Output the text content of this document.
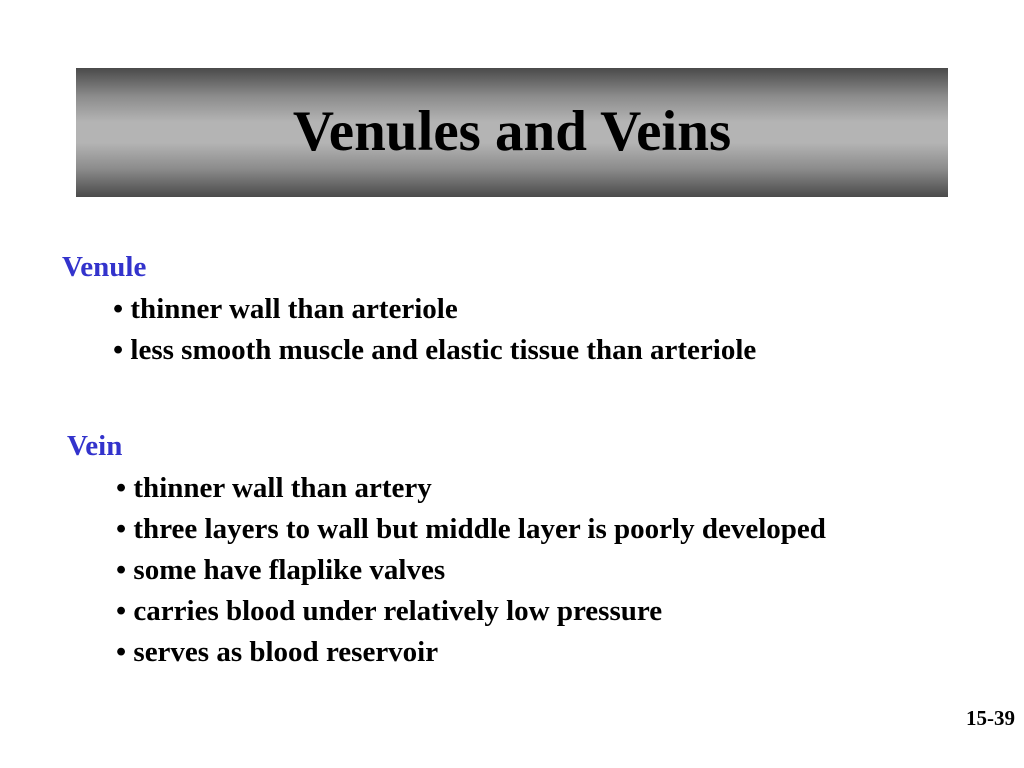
Venules and Veins
Venule
• thinner wall than arteriole
• less smooth muscle and elastic tissue than arteriole
Vein
• thinner wall than artery
• three layers to wall but middle layer is poorly developed
• some have flaplike valves
• carries blood under relatively low pressure
• serves as blood reservoir
15-39
